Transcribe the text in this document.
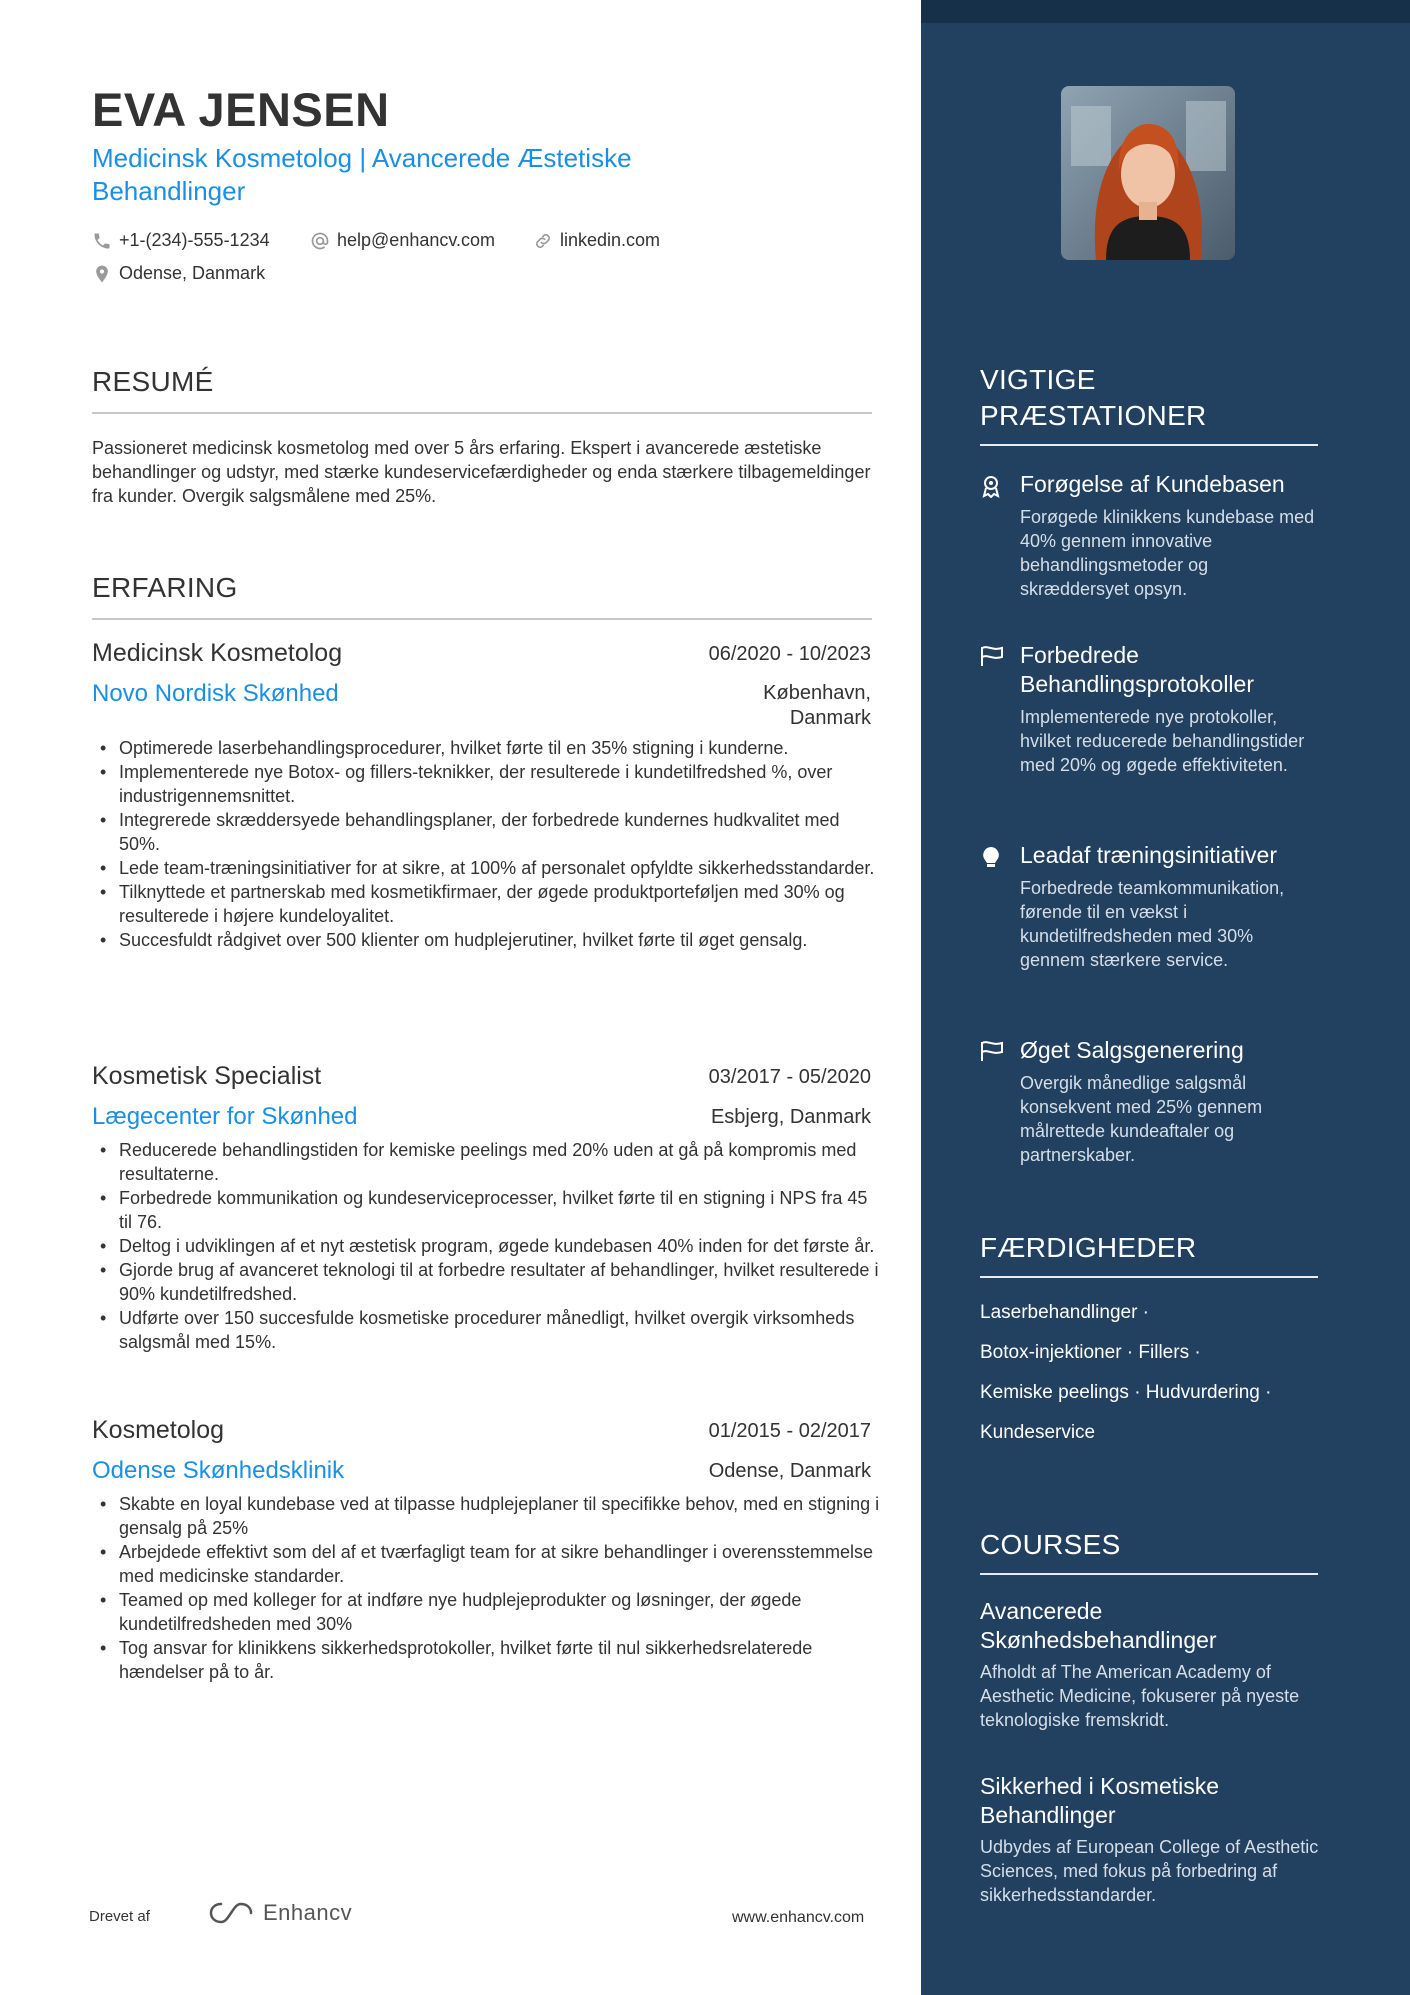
EVA JENSEN
Medicinsk Kosmetolog | Avancerede Æstetiske Behandlinger
+1-(234)-555-1234	help@enhancv.com	linkedin.com
Odense, Danmark
RESUMÉ
Passioneret medicinsk kosmetolog med over 5 års erfaring. Ekspert i avancerede æstetiske behandlinger og udstyr, med stærke kundeservicefærdigheder og enda stærkere tilbagemeldinger fra kunder. Overgik salgsmålene med 25%.
ERFARING
Medicinsk Kosmetolog	06/2020 - 10/2023
Novo Nordisk Skønhed	København,
Danmark
• Optimerede laserbehandlingsprocedurer, hvilket førte til en 35% stigning i kunderne.
• Implementerede nye Botox- og fillers-teknikker, der resulterede i kundetilfredshed %, over industrigennemsnittet.
• Integrerede skræddersyede behandlingsplaner, der forbedrede kundernes hudkvalitet med 50%.
• Lede team-træningsinitiativer for at sikre, at 100% af personalet opfyldte sikkerhedsstandarder.
• Tilknyttede et partnerskab med kosmetikfirmaer, der øgede produktporteføljen med 30% og resulterede i højere kundeloyalitet.
• Succesfuldt rådgivet over 500 klienter om hudplejerutiner, hvilket førte til øget gensalg.
Kosmetisk Specialist	03/2017 - 05/2020
Lægecenter for Skønhed	Esbjerg, Danmark
• Reducerede behandlingstiden for kemiske peelings med 20% uden at gå på kompromis med resultaterne.
• Forbedrede kommunikation og kundeserviceprocesser, hvilket førte til en stigning i NPS fra 45 til 76.
• Deltog i udviklingen af et nyt æstetisk program, øgede kundebasen 40% inden for det første år.
• Gjorde brug af avanceret teknologi til at forbedre resultater af behandlinger, hvilket resulterede i 90% kundetilfredshed.
• Udførte over 150 succesfulde kosmetiske procedurer månedligt, hvilket overgik virksomheds salgsmål med 15%.
Kosmetolog	01/2015 - 02/2017
Odense Skønhedsklinik	Odense, Danmark
• Skabte en loyal kundebase ved at tilpasse hudplejeplaner til specifikke behov, med en stigning i gensalg på 25%
• Arbejdede effektivt som del af et tværfagligt team for at sikre behandlinger i overensstemmelse med medicinske standarder.
• Teamed op med kolleger for at indføre nye hudplejeprodukter og løsninger, der øgede kundetilfredsheden med 30%
• Tog ansvar for klinikkens sikkerhedsprotokoller, hvilket førte til nul sikkerhedsrelaterede hændelser på to år.
Drevet af	Enhancv	www.enhancv.com
VIGTIGE PRÆSTATIONER
Forøgelse af Kundebasen
Forøgede klinikkens kundebase med 40% gennem innovative behandlingsmetoder og skræddersyet opsyn.
Forbedrede Behandlingsprotokoller
Implementerede nye protokoller, hvilket reducerede behandlingstider med 20% og øgede effektiviteten.
Leadaf træningsinitiativer
Forbedrede teamkommunikation, førende til en vækst i kundetilfredsheden med 30% gennem stærkere service.
Øget Salgsgenerering
Overgik månedlige salgsmål konsekvent med 25% gennem målrettede kundeaftaler og partnerskaber.
FÆRDIGHEDER
Laserbehandlinger ·
Botox-injektioner · Fillers ·
Kemiske peelings · Hudvurdering ·
Kundeservice
COURSES
Avancerede Skønhedsbehandlinger
Afholdt af The American Academy of Aesthetic Medicine, fokuserer på nyeste teknologiske fremskridt.
Sikkerhed i Kosmetiske Behandlinger
Udbydes af European College of Aesthetic Sciences, med fokus på forbedring af sikkerhedsstandarder.
